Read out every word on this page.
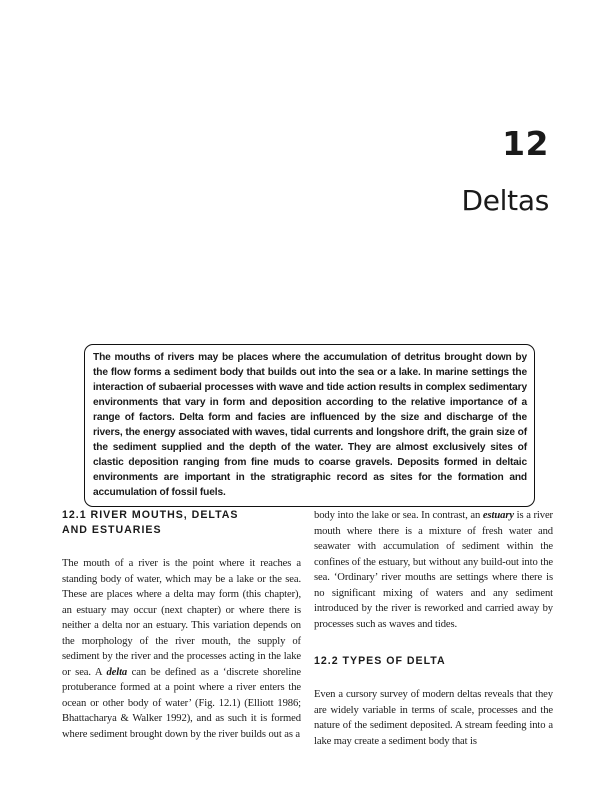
12
Deltas
The mouths of rivers may be places where the accumulation of detritus brought down by the flow forms a sediment body that builds out into the sea or a lake. In marine settings the interaction of subaerial processes with wave and tide action results in complex sedimentary environments that vary in form and deposition according to the relative importance of a range of factors. Delta form and facies are influenced by the size and discharge of the rivers, the energy associated with waves, tidal currents and longshore drift, the grain size of the sediment supplied and the depth of the water. They are almost exclusively sites of clastic deposition ranging from fine muds to coarse gravels. Deposits formed in deltaic environments are important in the stratigraphic record as sites for the formation and accumulation of fossil fuels.

12.1 RIVER MOUTHS, DELTAS
AND ESTUARIES

The mouth of a river is the point where it reaches a standing body of water, which may be a lake or the sea. These are places where a delta may form (this chapter), an estuary may occur (next chapter) or where there is neither a delta nor an estuary. This variation depends on the morphology of the river mouth, the supply of sediment by the river and the processes acting in the lake or sea. A delta can be defined as a ‘discrete shoreline protuberance formed at a point where a river enters the ocean or other body of water’ (Fig. 12.1) (Elliott 1986; Bhattacharya & Walker 1992), and as such it is formed where sediment brought down by the river builds out as a

body into the lake or sea. In contrast, an estuary is a river mouth where there is a mixture of fresh water and seawater with accumulation of sediment within the confines of the estuary, but without any build-out into the sea. ‘Ordinary’ river mouths are settings where there is no significant mixing of waters and any sediment introduced by the river is reworked and carried away by processes such as waves and tides.

12.2 TYPES OF DELTA

Even a cursory survey of modern deltas reveals that they are widely variable in terms of scale, processes and the nature of the sediment deposited. A stream feeding into a lake may create a sediment body that is
